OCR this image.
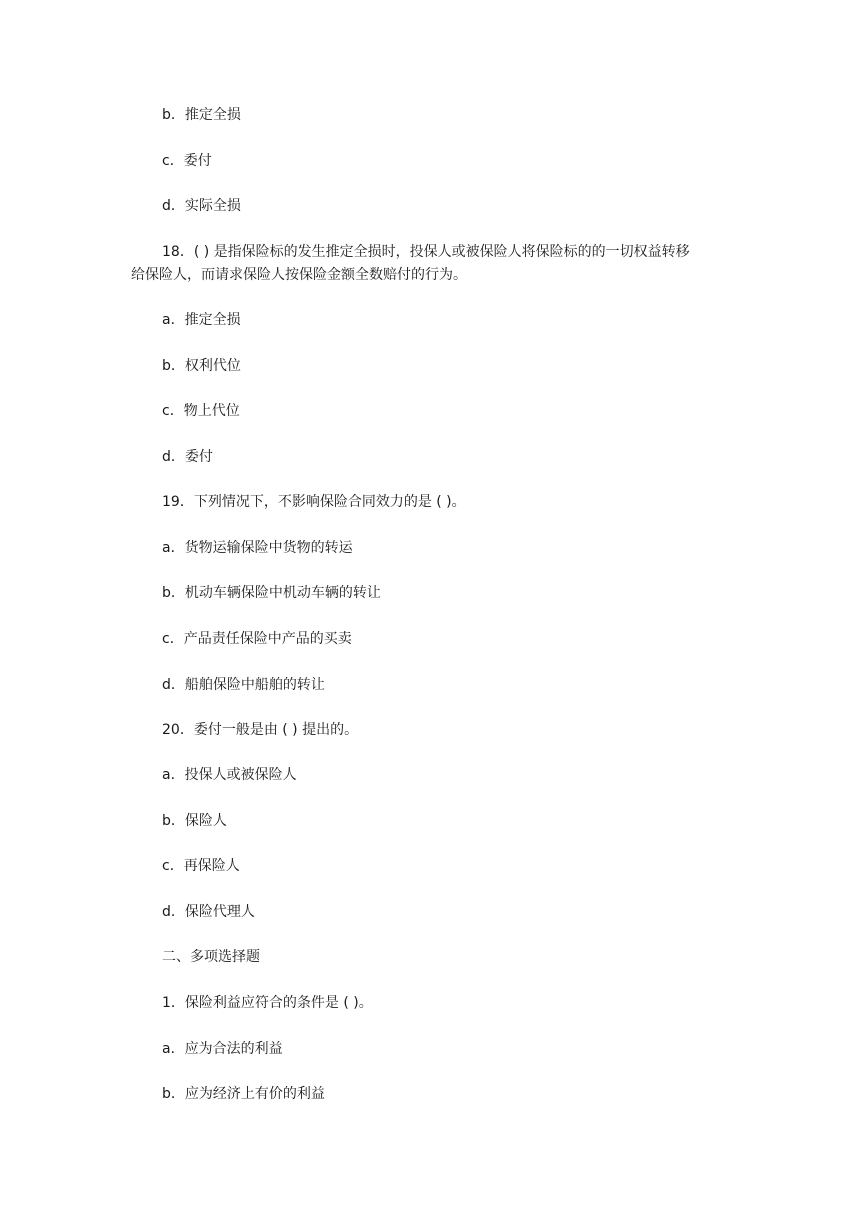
b．推定全损

c．委付

d．实际全损

18．( ) 是指保险标的发生推定全损时，投保人或被保险人将保险标的的一切权益转移

给保险人，而请求保险人按保险金额全数赔付的行为。

a．推定全损

b．权利代位

c．物上代位

d．委付

19．下列情况下，不影响保险合同效力的是 ( )。

a．货物运输保险中货物的转运

b．机动车辆保险中机动车辆的转让

c．产品责任保险中产品的买卖

d．船舶保险中船舶的转让

20．委付一般是由 ( ) 提出的。

a．投保人或被保险人

b．保险人

c．再保险人

d．保险代理人

二、多项选择题

1．保险利益应符合的条件是 ( )。

a．应为合法的利益

b．应为经济上有价的利益
